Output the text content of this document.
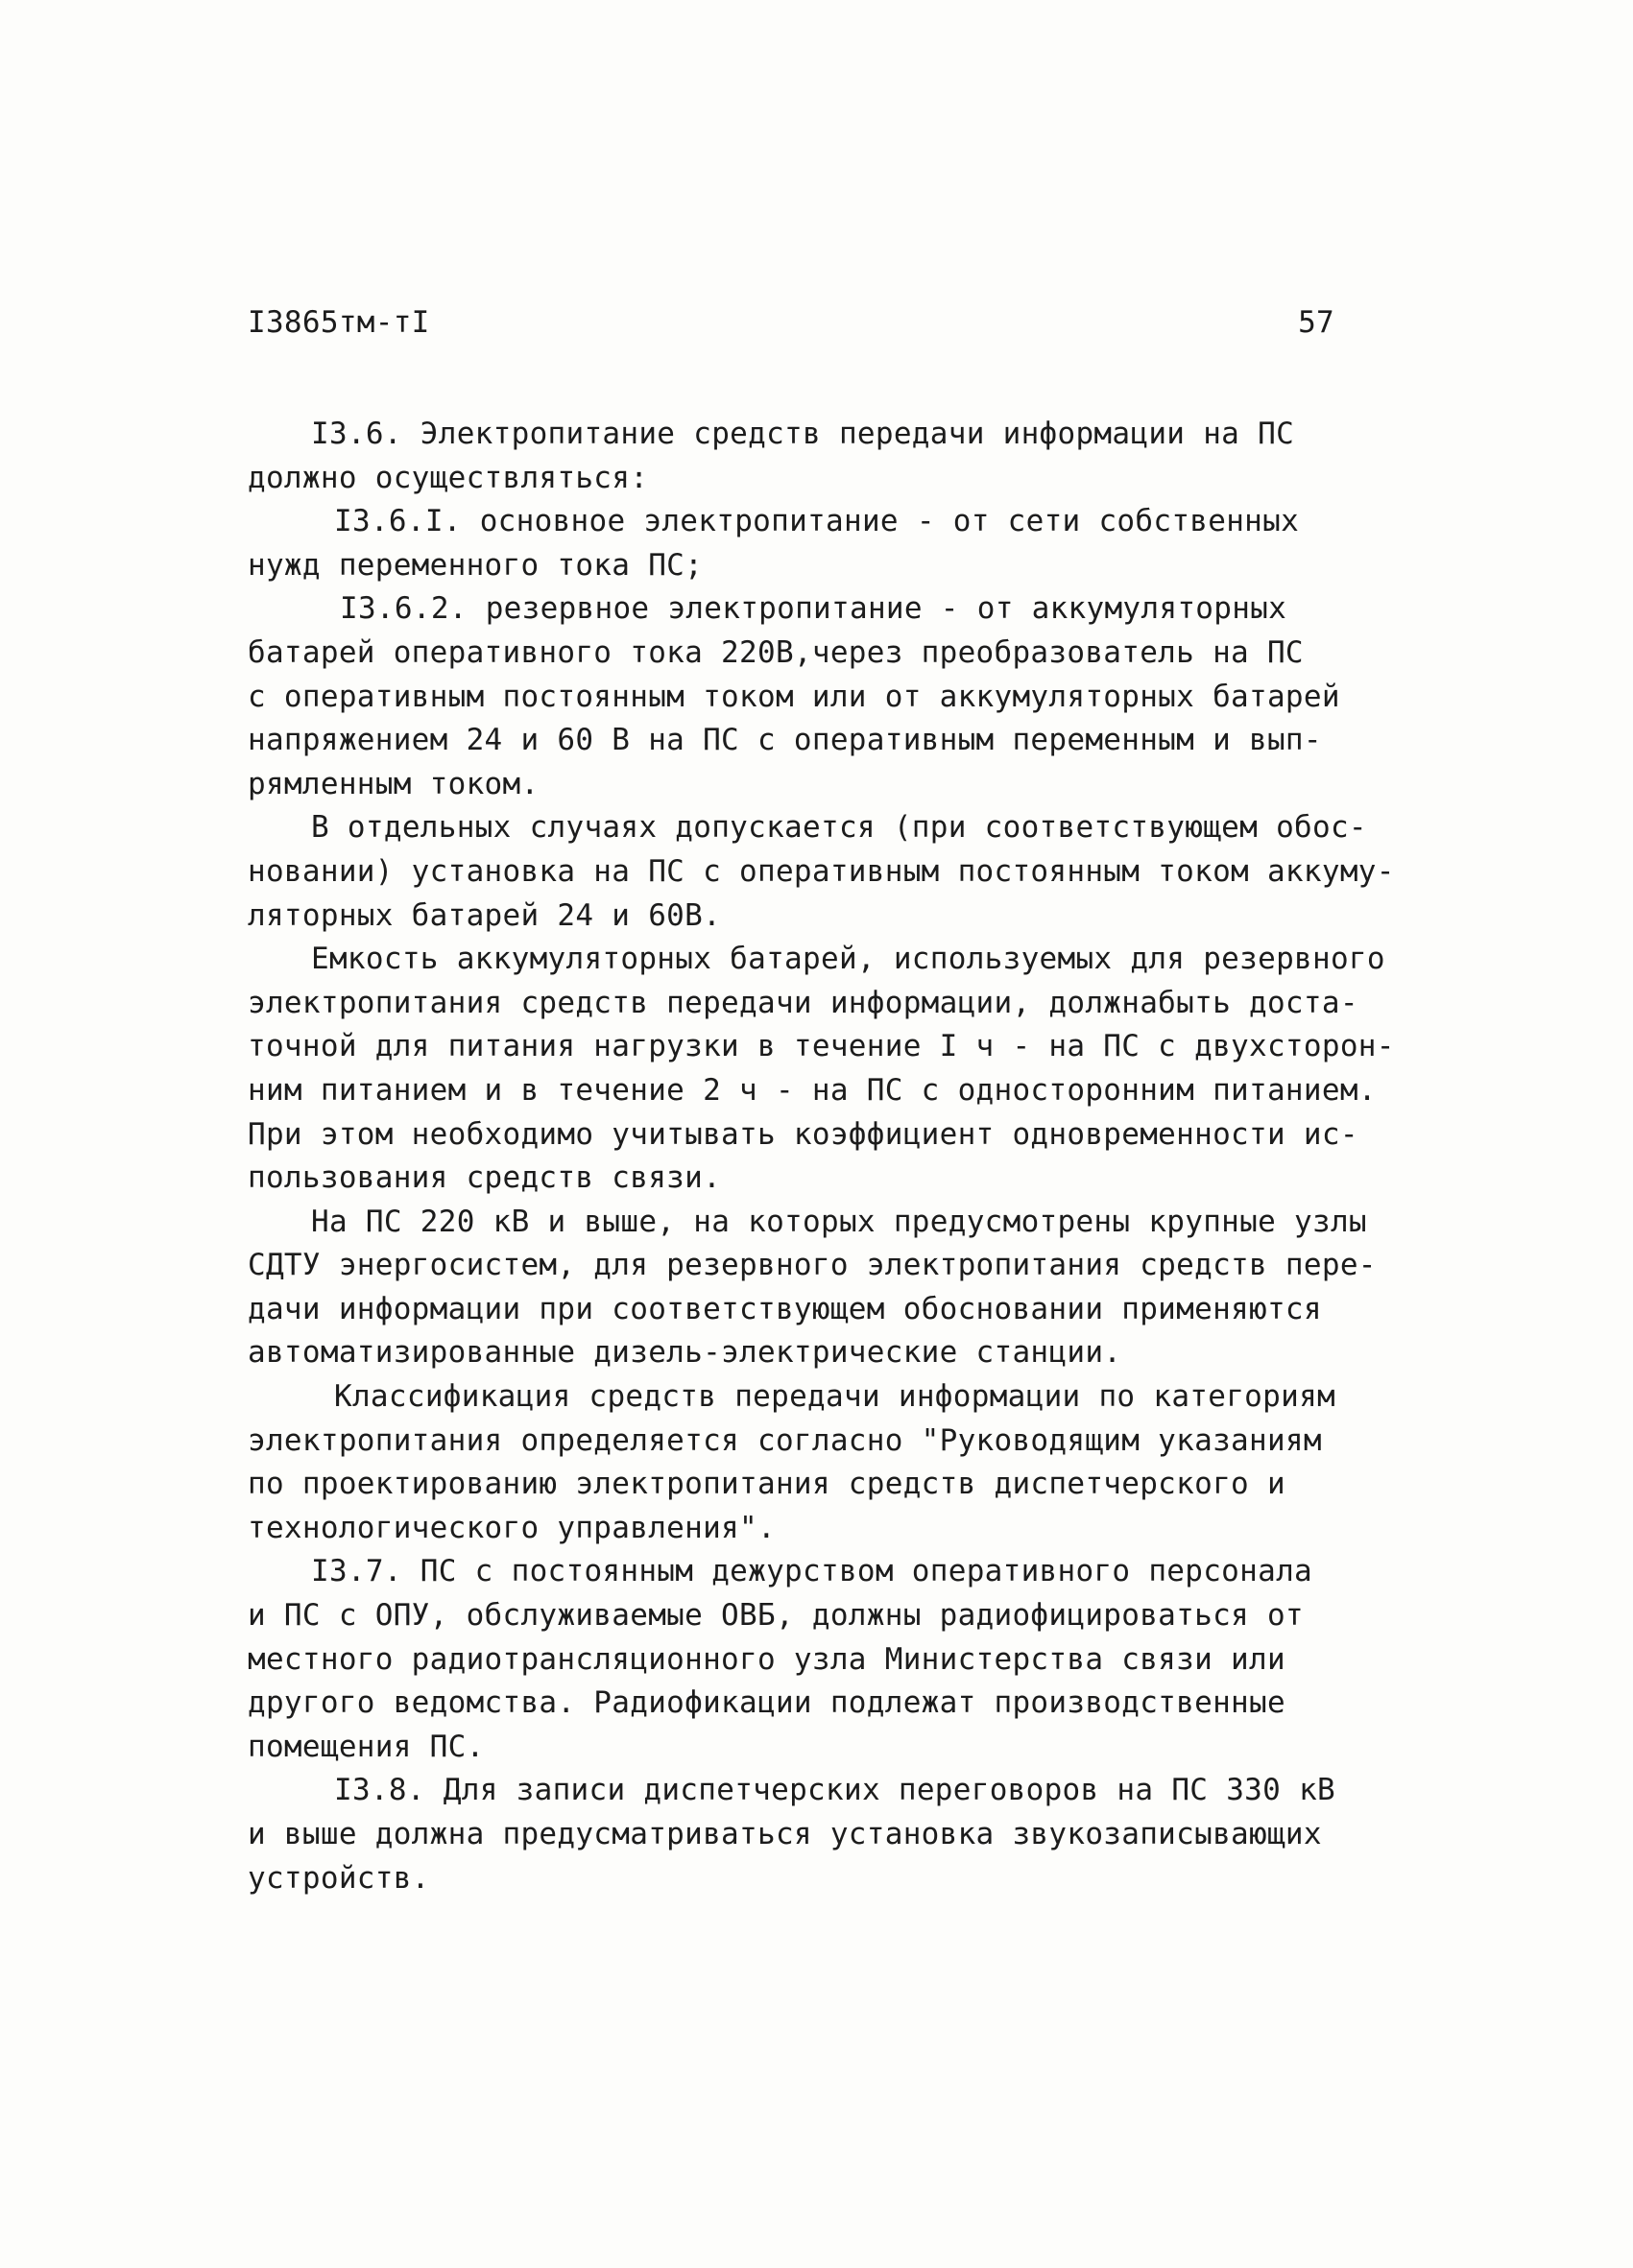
I3865тм-тI	57
I3.6. Электропитание средств передачи информации на ПС
должно осуществляться:
I3.6.I. основное электропитание - от сети собственных
нужд переменного тока ПС;
I3.6.2. резервное электропитание - от аккумуляторных
батарей оперативного тока 220В,через преобразователь на ПС
с оперативным постоянным током или от аккумуляторных батарей
напряжением 24 и 60 В на ПС с оперативным переменным и вып-
рямленным током.
В отдельных случаях допускается (при соответствующем обос-
новании) установка на ПС с оперативным постоянным током аккуму-
ляторных батарей 24 и 60В.
Емкость аккумуляторных батарей, используемых для резервного
электропитания средств передачи информации, должнабыть доста-
точной для питания нагрузки в течение I ч - на ПС с двухсторон-
ним питанием и в течение 2 ч - на ПС с односторонним питанием.
При этом необходимо учитывать коэффициент одновременности ис-
пользования средств связи.
На ПС 220 кВ и выше, на которых предусмотрены крупные узлы
СДТУ энергосистем, для резервного электропитания средств пере-
дачи информации при соответствующем обосновании применяются
автоматизированные дизель-электрические станции.
Классификация средств передачи информации по категориям
электропитания определяется согласно "Руководящим указаниям
по проектированию электропитания средств диспетчерского и
технологического управления".
I3.7. ПС с постоянным дежурством оперативного персонала
и ПС с ОПУ, обслуживаемые ОВБ, должны радиофицироваться от
местного радиотрансляционного узла Министерства связи или
другого ведомства. Радиофикации подлежат производственные
помещения ПС.
I3.8. Для записи диспетчерских переговоров на ПС 330 кВ
и выше должна предусматриваться установка звукозаписывающих
устройств.
